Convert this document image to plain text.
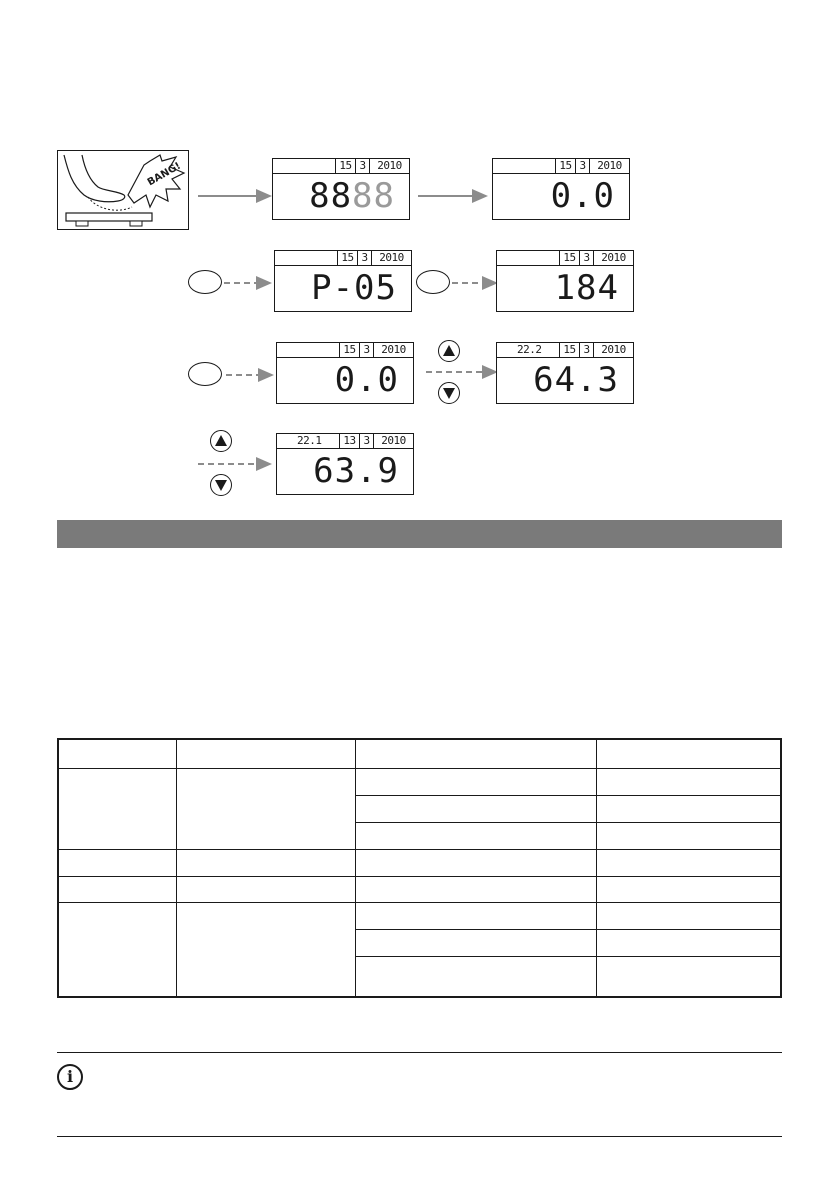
BANG!	15 3	2010
8888
15 3	2010
0.0
15 3	2010
P-05
15 3	2010
184
15 3	2010
0.0
22.2	15 3	2010
64.3
22.1	13 3	2010
63.9

i
